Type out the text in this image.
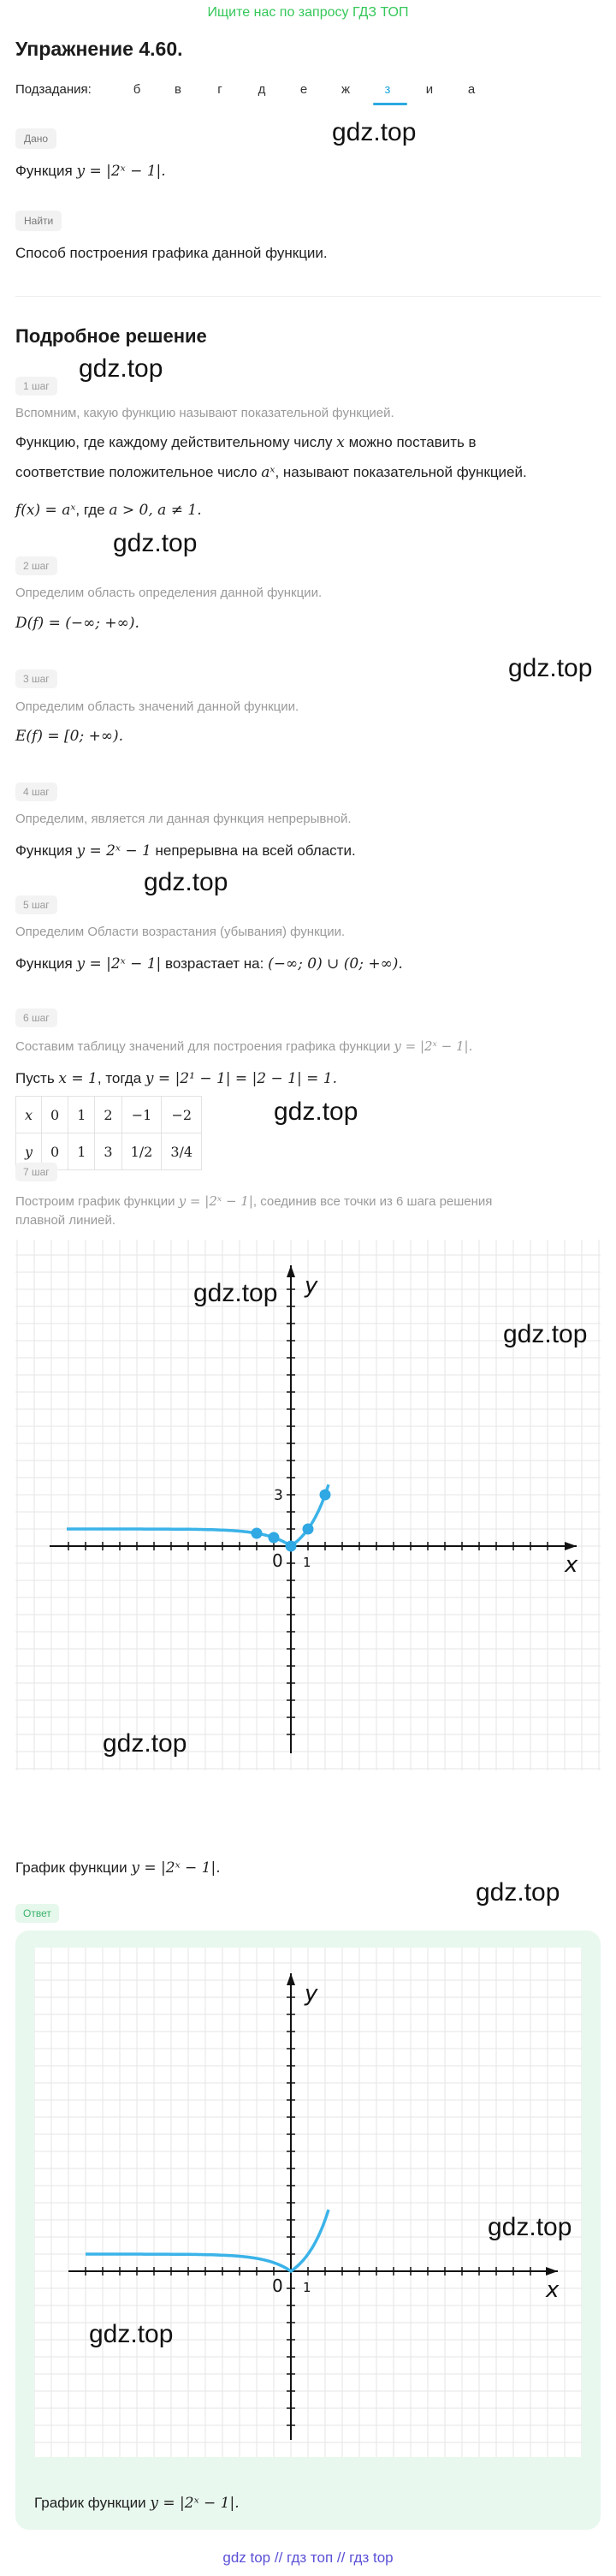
Ищите нас по запросу ГДЗ ТОП
Упражнение 4.60.
Подзадания:	б	в	г	д	е	ж	з	и	а
Дано
Функция y = |2ˣ − 1|.
gdz.top
Найти
Способ построения графика данной функции.
Подробное решение
gdz.top
1 шаг
Вспомним, какую функцию называют показательной функцией.
Функцию, где каждому действительному числу x можно поставить в
соответствие положительное число aˣ, называют показательной функцией.
f(x) = aˣ, где a > 0, a ≠ 1.
gdz.top
2 шаг
Определим область определения данной функции.
D(f) = (−∞; +∞).
gdz.top
3 шаг
Определим область значений данной функции.
E(f) = [0; +∞).
4 шаг
Определим, является ли данная функция непрерывной.
Функция y = 2ˣ − 1 непрерывна на всей области.
gdz.top
5 шаг
Определим Области возрастания (убывания) функции.
Функция y = |2ˣ − 1| возрастает на: (−∞; 0) ∪ (0; +∞).
6 шаг
Составим таблицу значений для построения графика функции y = |2ˣ − 1|.
Пусть x = 1, тогда y = |2¹ − 1| = |2 − 1| = 1.
x	0	1	2	−1	−2
y	0	1	3	1/2	3/4
gdz.top
7 шаг
Построим график функции y = |2ˣ − 1|, соединив все точки из 6 шага решения
плавной линией.
x
y
0 1
3
gdz.top
gdz.top
gdz.top
График функции y = |2ˣ − 1|.
gdz.top
Ответ
x
y
0 1
gdz.top
gdz.top
График функции y = |2ˣ − 1|.
gdz top // гдз топ // гдз top
